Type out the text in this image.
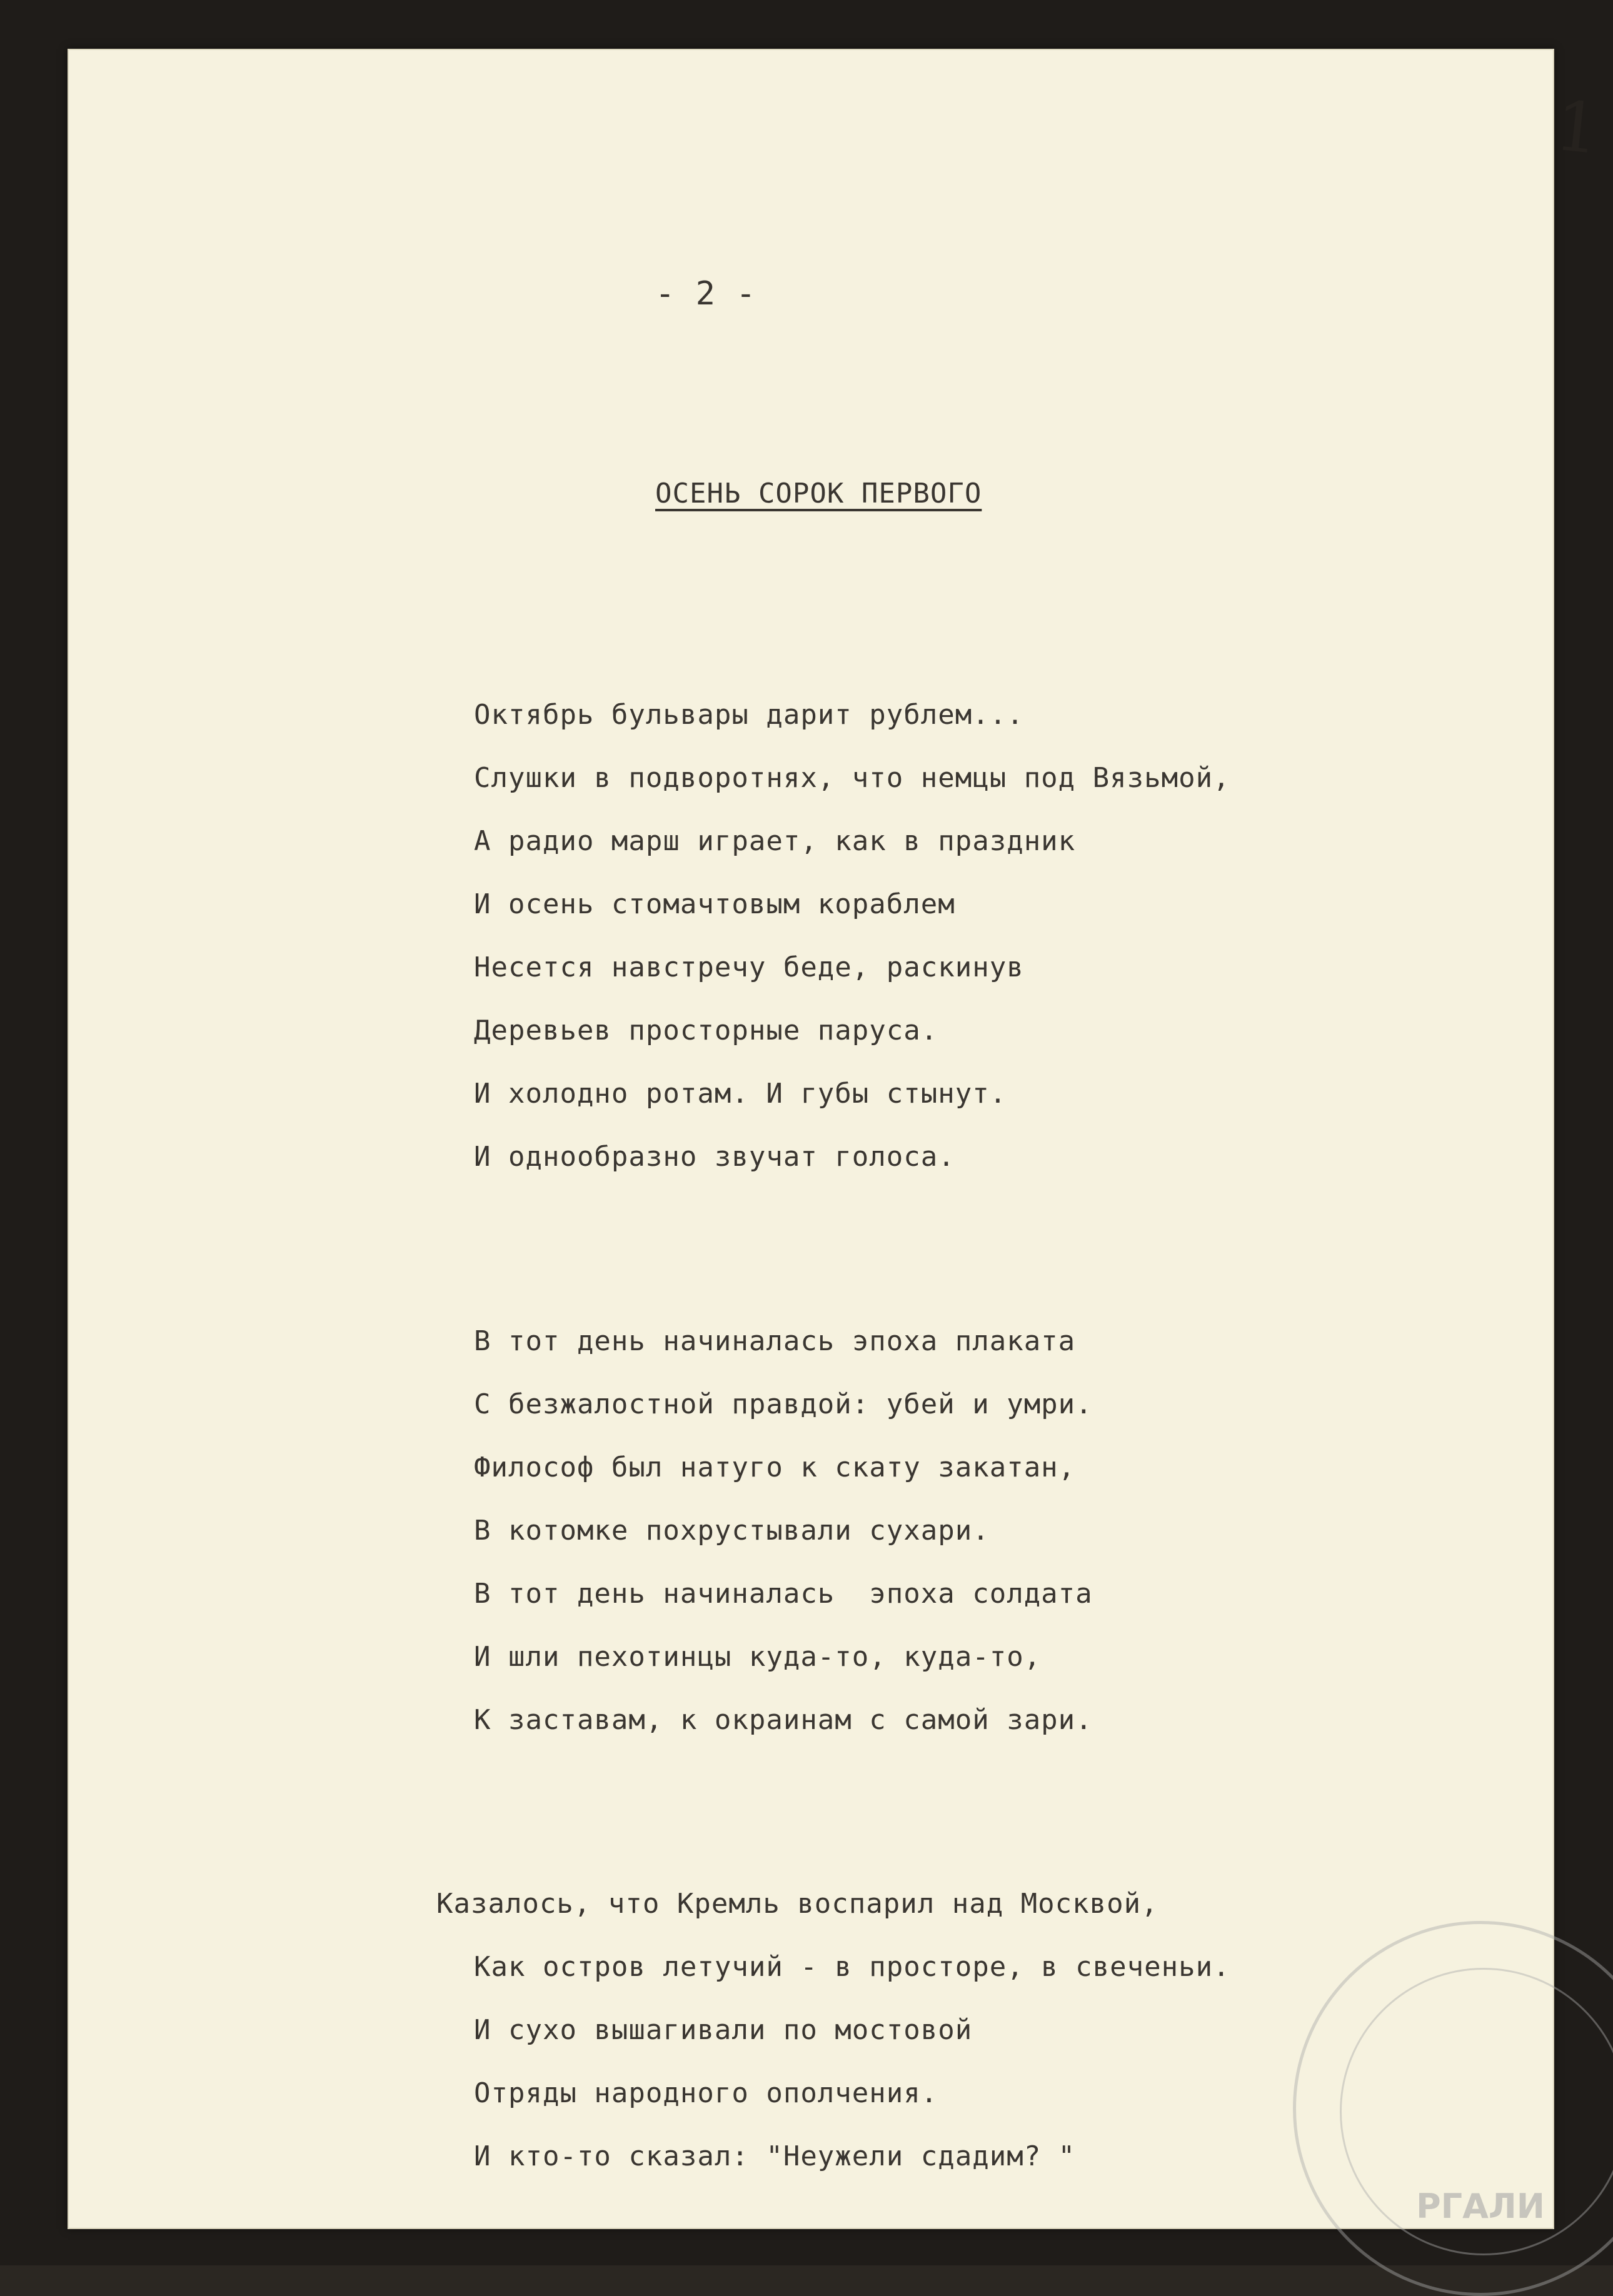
1
- 2 -
ОСЕНЬ СОРОК ПЕРВОГО
Октябрь бульвары дарит рублем...
Слушки в подворотнях, что немцы под Вязьмой,
А радио марш играет, как в праздник
И осень стомачтовым кораблем
Несется навстречу беде, раскинув
Деревьев просторные паруса.
И холодно ротам. И губы стынут.
И однообразно звучат голоса.
В тот день начиналась эпоха плаката
С безжалостной правдой: убей и умри.
Философ был натуго к скату закатан,
В котомке похрустывали сухари.
В тот день начиналась  эпоха солдата
И шли пехотинцы куда-то, куда-то,
К заставам, к окраинам с самой зари.
Казалось, что Кремль воспарил над Москвой,
Как остров летучий - в просторе, в свеченьи.
И сухо вышагивали по мостовой
Отряды народного ополчения.
И кто-то сказал: "Неужели сдадим? "
РГАЛИ
